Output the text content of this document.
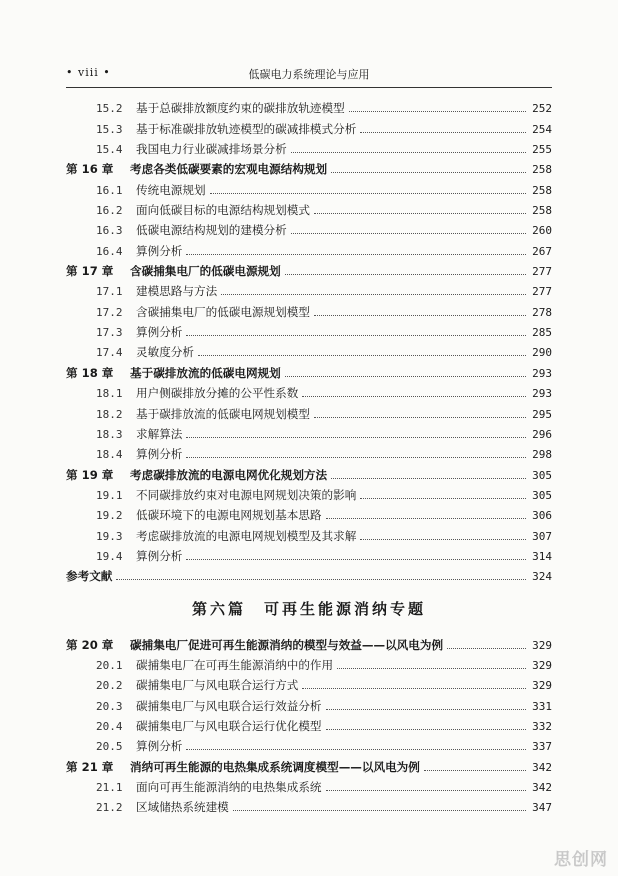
• viii •	低碳电力系统理论与应用
15.2	基于总碳排放额度约束的碳排放轨迹模型	252
15.3	基于标准碳排放轨迹模型的碳减排模式分析	254
15.4	我国电力行业碳减排场景分析	255
第 16 章	考虑各类低碳要素的宏观电源结构规划	258
16.1	传统电源规划	258
16.2	面向低碳目标的电源结构规划模式	258
16.3	低碳电源结构规划的建模分析	260
16.4	算例分析	267
第 17 章	含碳捕集电厂的低碳电源规划	277
17.1	建模思路与方法	277
17.2	含碳捕集电厂的低碳电源规划模型	278
17.3	算例分析	285
17.4	灵敏度分析	290
第 18 章	基于碳排放流的低碳电网规划	293
18.1	用户侧碳排放分摊的公平性系数	293
18.2	基于碳排放流的低碳电网规划模型	295
18.3	求解算法	296
18.4	算例分析	298
第 19 章	考虑碳排放流的电源电网优化规划方法	305
19.1	不同碳排放约束对电源电网规划决策的影响	305
19.2	低碳环境下的电源电网规划基本思路	306
19.3	考虑碳排放流的电源电网规划模型及其求解	307
19.4	算例分析	314
参考文献	324
第六篇　可再生能源消纳专题
第 20 章	碳捕集电厂促进可再生能源消纳的模型与效益——以风电为例	329
20.1	碳捕集电厂在可再生能源消纳中的作用	329
20.2	碳捕集电厂与风电联合运行方式	329
20.3	碳捕集电厂与风电联合运行效益分析	331
20.4	碳捕集电厂与风电联合运行优化模型	332
20.5	算例分析	337
第 21 章	消纳可再生能源的电热集成系统调度模型——以风电为例	342
21.1	面向可再生能源消纳的电热集成系统	342
21.2	区域储热系统建模	347
思创网
